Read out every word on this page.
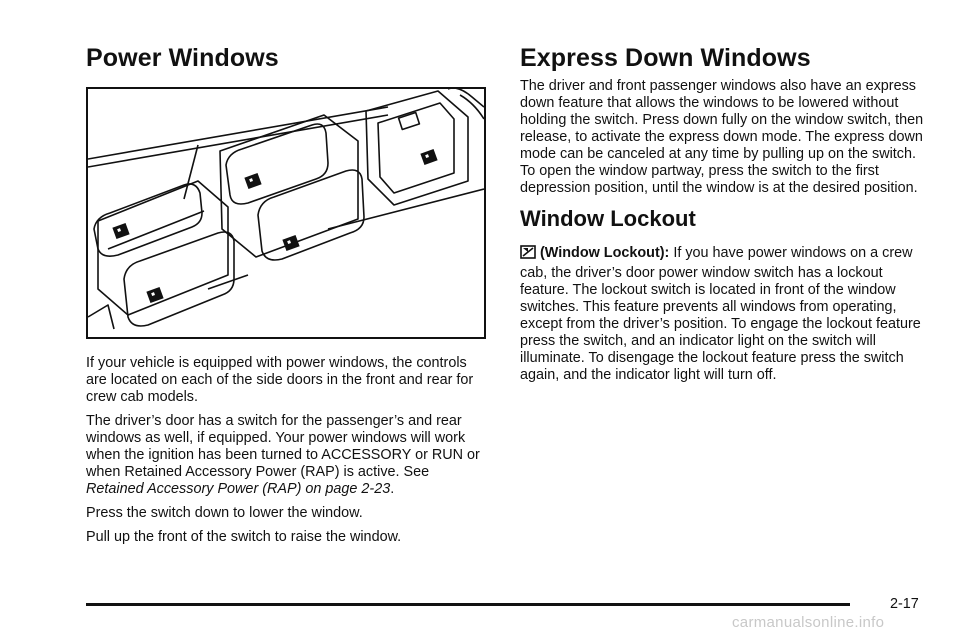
Power Windows

If your vehicle is equipped with power windows, the controls are located on each of the side doors in the front and rear for crew cab models.

The driver’s door has a switch for the passenger’s and rear windows as well, if equipped. Your power windows will work when the ignition has been turned to ACCESSORY or RUN or when Retained Accessory Power (RAP) is active. See Retained Accessory Power (RAP) on page 2-23.

Press the switch down to lower the window.

Pull up the front of the switch to raise the window.

Express Down Windows

The driver and front passenger windows also have an express down feature that allows the windows to be lowered without holding the switch. Press down fully on the window switch, then release, to activate the express down mode. The express down mode can be canceled at any time by pulling up on the switch. To open the window partway, press the switch to the first depression position, until the window is at the desired position.

Window Lockout

(Window Lockout): If you have power windows on a crew cab, the driver’s door power window switch has a lockout feature. The lockout switch is located in front of the window switches. This feature prevents all windows from operating, except from the driver’s position. To engage the lockout feature press the switch, and an indicator light on the switch will illuminate. To disengage the lockout feature press the switch again, and the indicator light will turn off.

2-17
carmanualsonline.info
